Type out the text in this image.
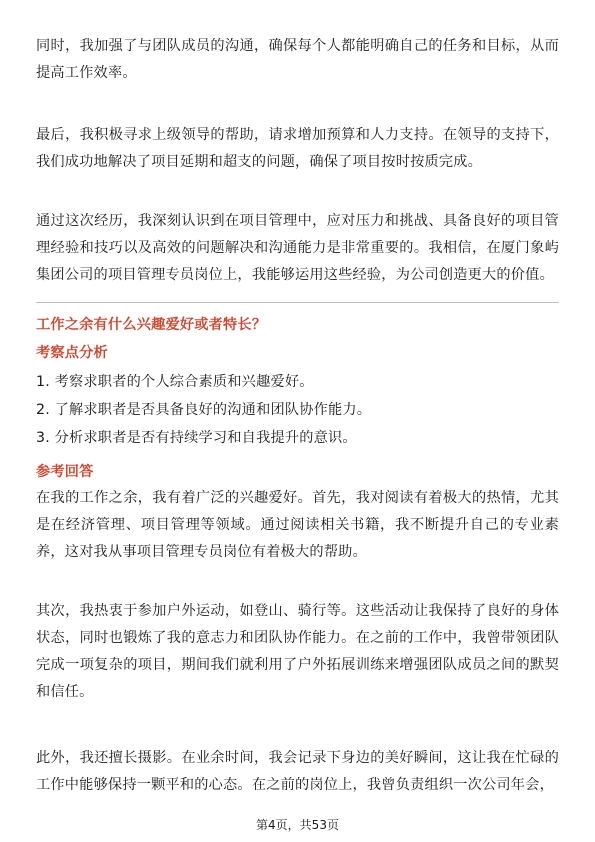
同时，我加强了与团队成员的沟通，确保每个人都能明确自己的任务和目标，从而提高工作效率。

最后，我积极寻求上级领导的帮助，请求增加预算和人力支持。在领导的支持下，我们成功地解决了项目延期和超支的问题，确保了项目按时按质完成。

通过这次经历，我深刻认识到在项目管理中，应对压力和挑战、具备良好的项目管理经验和技巧以及高效的问题解决和沟通能力是非常重要的。我相信，在厦门象屿集团公司的项目管理专员岗位上，我能够运用这些经验，为公司创造更大的价值。

工作之余有什么兴趣爱好或者特长？
考察点分析
1. 考察求职者的个人综合素质和兴趣爱好。
2. 了解求职者是否具备良好的沟通和团队协作能力。
3. 分析求职者是否有持续学习和自我提升的意识。
参考回答

在我的工作之余，我有着广泛的兴趣爱好。首先，我对阅读有着极大的热情，尤其是在经济管理、项目管理等领域。通过阅读相关书籍，我不断提升自己的专业素养，这对我从事项目管理专员岗位有着极大的帮助。

其次，我热衷于参加户外运动，如登山、骑行等。这些活动让我保持了良好的身体状态，同时也锻炼了我的意志力和团队协作能力。在之前的工作中，我曾带领团队完成一项复杂的项目，期间我们就利用了户外拓展训练来增强团队成员之间的默契和信任。

此外，我还擅长摄影。在业余时间，我会记录下身边的美好瞬间，这让我在忙碌的工作中能够保持一颗平和的心态。在之前的岗位上，我曾负责组织一次公司年会，

第4页，共53页
